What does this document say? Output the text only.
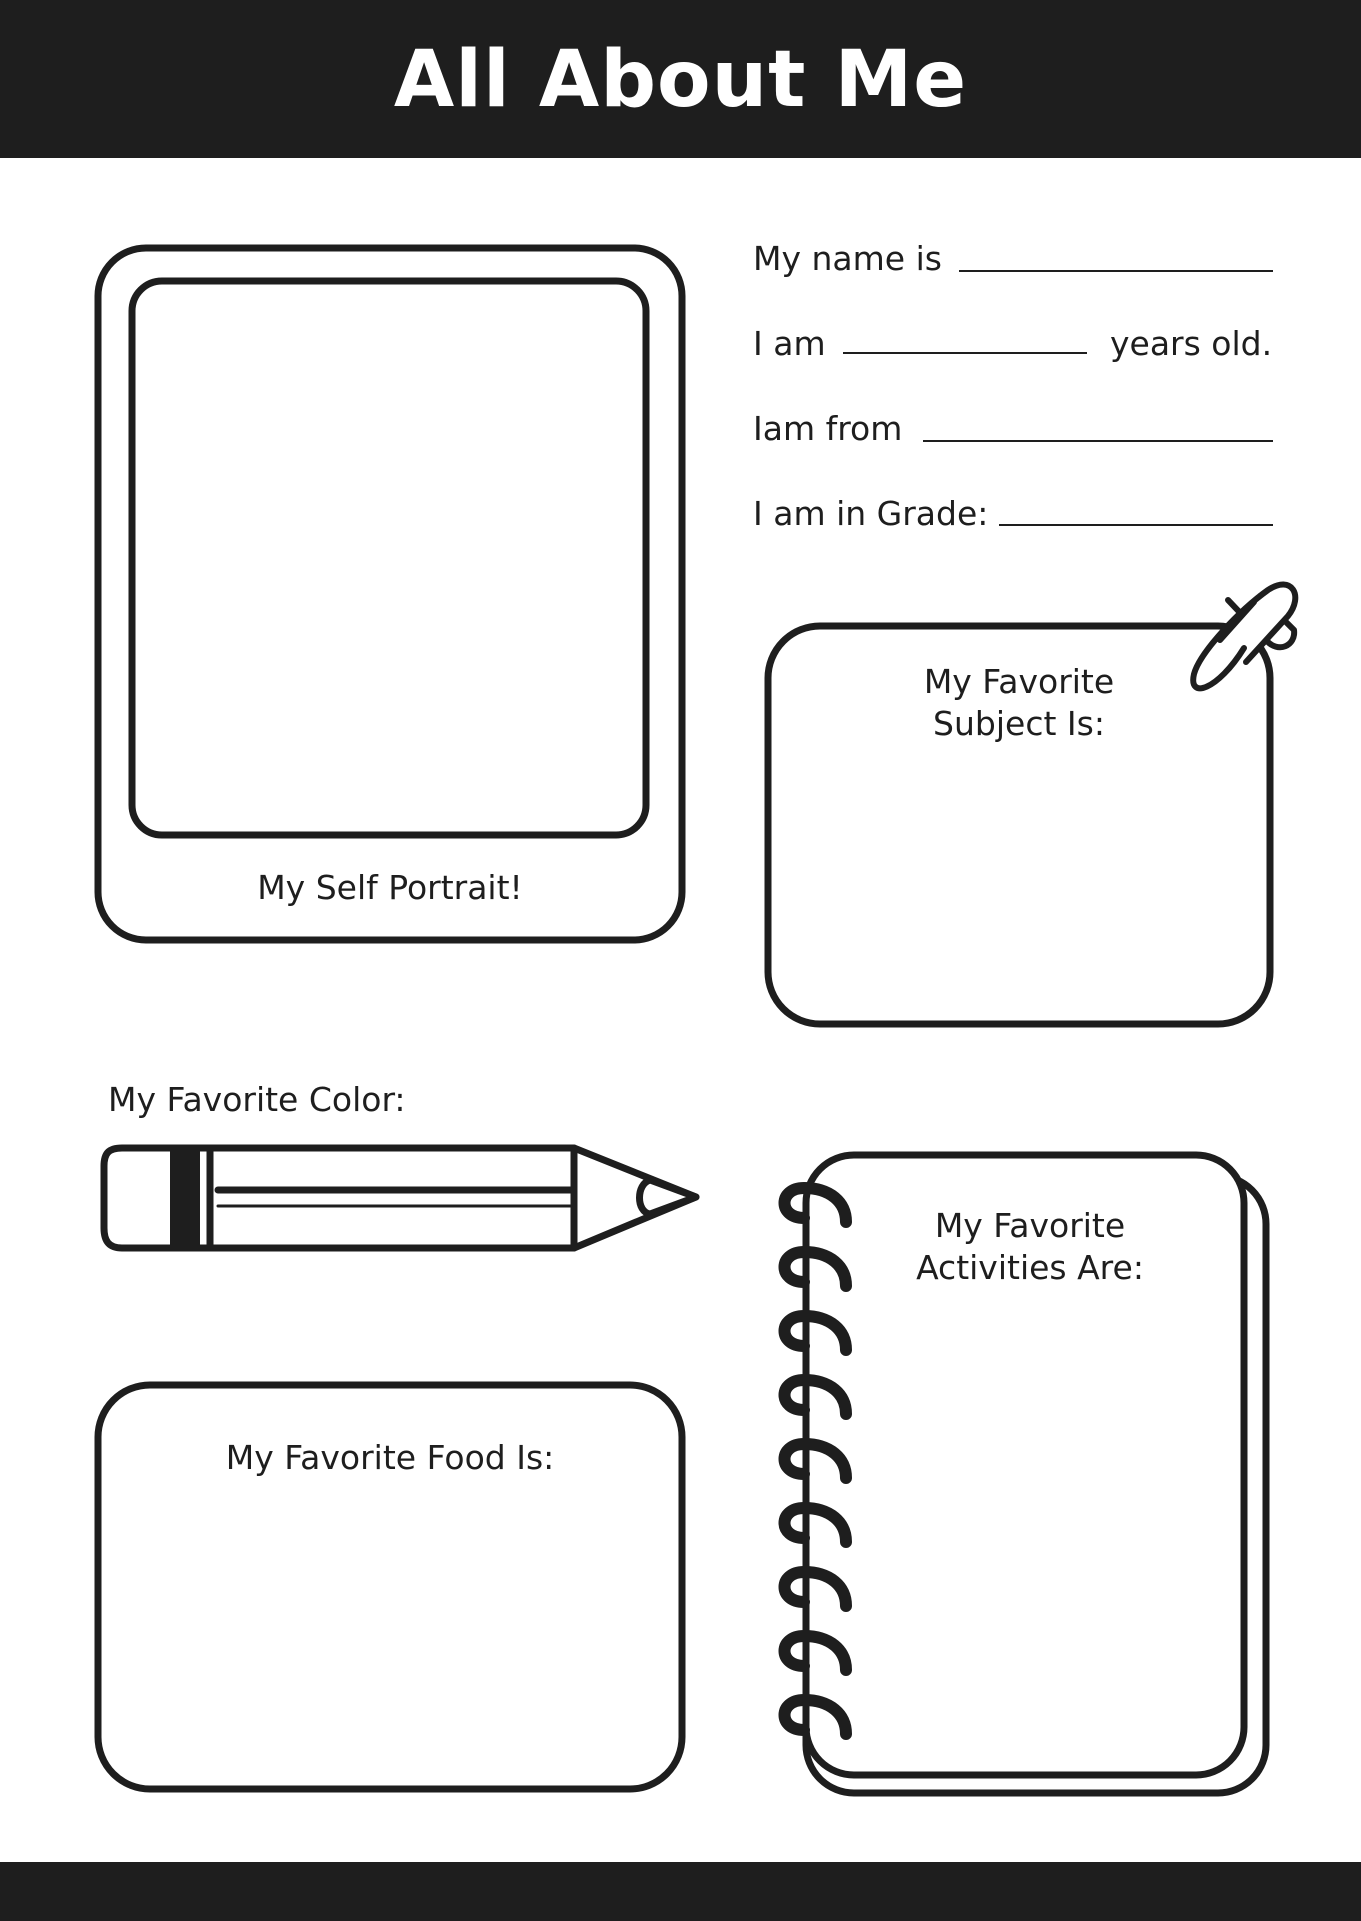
All About Me
My name is
I am	years old.
Iam from
I am in Grade:
My Self Portrait!
My Favorite
Subject Is:
My Favorite Color:
My Favorite Food Is:
My Favorite
Activities Are:
